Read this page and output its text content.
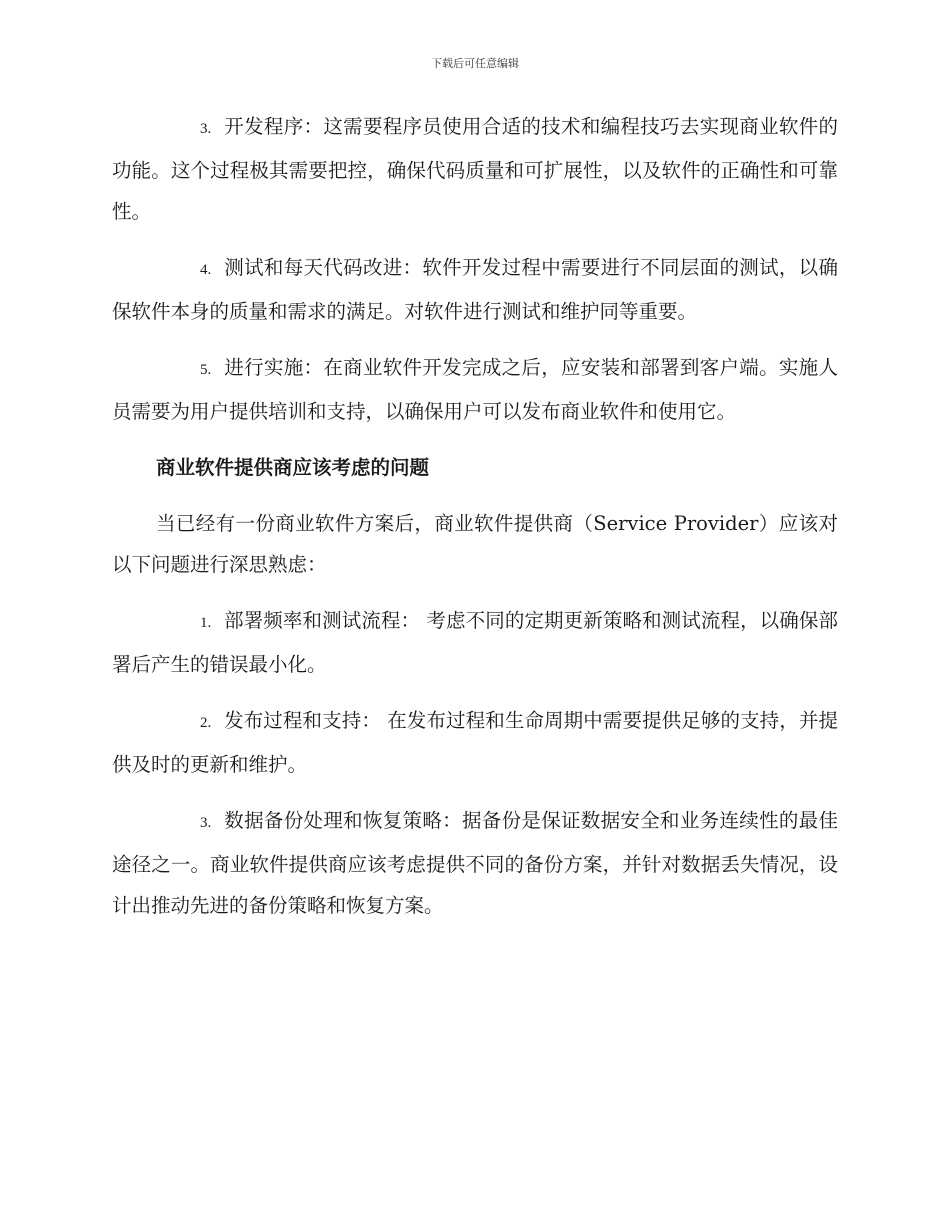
下载后可任意编辑

3. 开发程序：这需要程序员使用合适的技术和编程技巧去实现商业软件的功能。这个过程极其需要把控，确保代码质量和可扩展性，以及软件的正确性和可靠性。

4. 测试和每天代码改进：软件开发过程中需要进行不同层面的测试，以确保软件本身的质量和需求的满足。对软件进行测试和维护同等重要。

5. 进行实施：在商业软件开发完成之后，应安装和部署到客户端。实施人员需要为用户提供培训和支持，以确保用户可以发布商业软件和使用它。

商业软件提供商应该考虑的问题

当已经有一份商业软件方案后，商业软件提供商（Service Provider）应该对以下问题进行深思熟虑：

1. 部署频率和测试流程： 考虑不同的定期更新策略和测试流程，以确保部署后产生的错误最小化。

2. 发布过程和支持： 在发布过程和生命周期中需要提供足够的支持，并提供及时的更新和维护。

3. 数据备份处理和恢复策略：据备份是保证数据安全和业务连续性的最佳途径之一。商业软件提供商应该考虑提供不同的备份方案，并针对数据丢失情况，设计出推动先进的备份策略和恢复方案。
